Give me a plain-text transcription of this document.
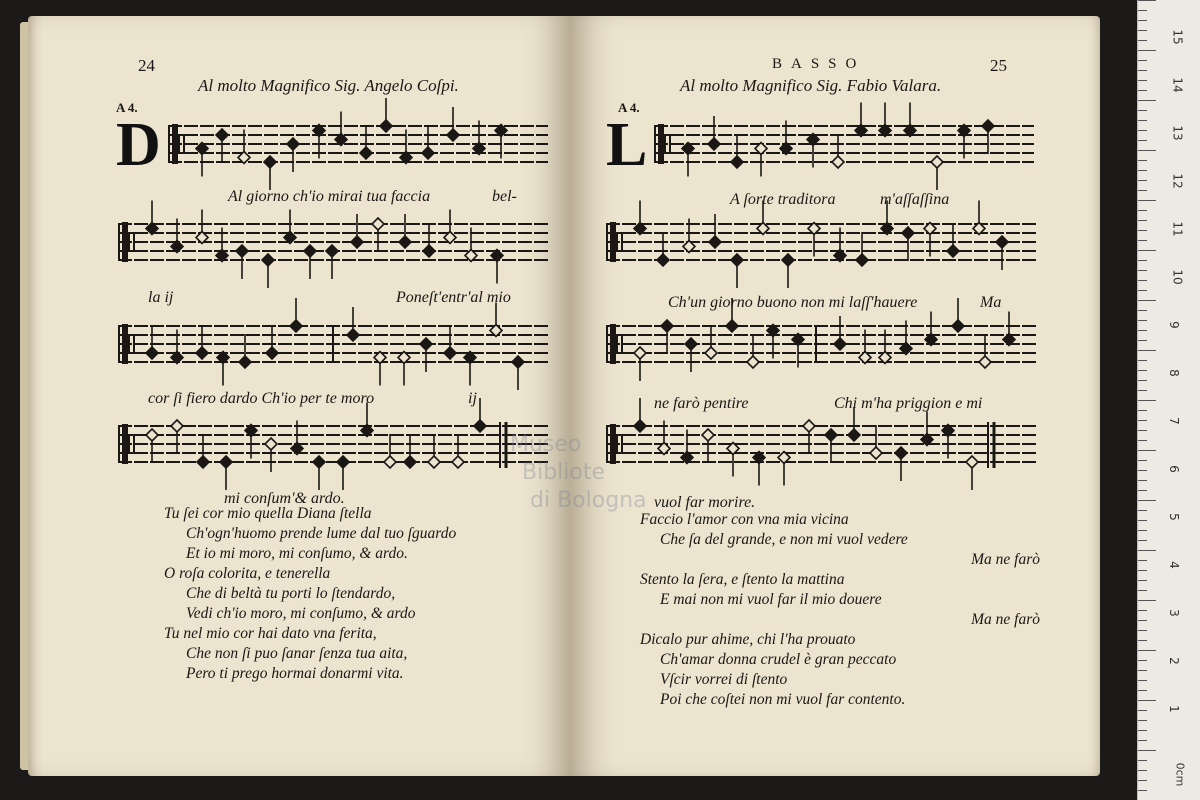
24
Al molto Magnifico Sig. Angelo Coſpi.
A 4.
D
Al giorno ch'io mirai tua faccia	bel-
la ij	Poneſt'entr'al mio
cor ſi fiero dardo Ch'io per te moro	ij
mi conſum'& ardo.
Tu ſei cor mio quella Diana ſtella
Ch'ogn'huomo prende lume dal tuo ſguardo
Et io mi moro, mi conſumo, & ardo.
O roſa colorita, e tenerella
Che di beltà tu porti lo ſtendardo,
Vedi ch'io moro, mi conſumo, & ardo
Tu nel mio cor hai dato vna ferita,
Che non ſi puo ſanar ſenza tua aita,
Pero ti prego hormai donarmi vita.
BASSO	25
Al molto Magnifico Sig. Fabio Valara.
A 4.
L
A ſorte traditora	m'aſſaſſina
Ch'un giorno buono non mi laſſ'hauere	Ma
ne farò pentire	Chi m'ha priggion e mi
vuol far morire.
Faccio l'amor con vna mia vicina
Che ſa del grande, e non mi vuol vedere
Ma ne farò
Stento la ſera, e ſtento la mattina
E mai non mi vuol far il mio douere
Ma ne farò
Dicalo pur ahime, chi l'ha prouato
Ch'amar donna crudel è gran peccato
Vſcir vorrei di ſtento
Poi che coſtei non mi vuol far contento.
Museo
Bibliote
di Bologna
0cm
15
14
13
12
11
10
9
8
7
6
5
4
3
2
1
